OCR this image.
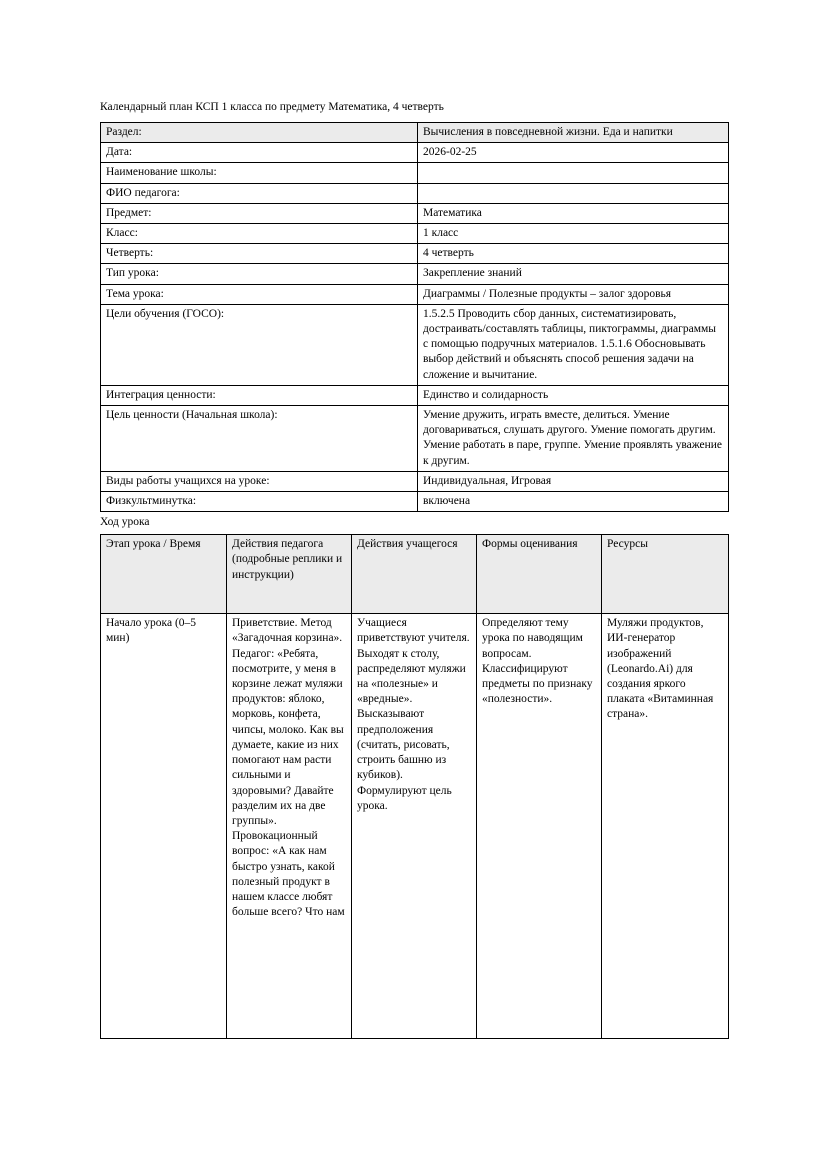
Календарный план КСП 1 класса по предмету Математика, 4 четверть
Раздел:	Вычисления в повседневной жизни. Еда и напитки
Дата:	2026-02-25
Наименование школы:	
ФИО педагога:	
Предмет:	Математика
Класс:	1 класс
Четверть:	4 четверть
Тип урока:	Закрепление знаний
Тема урока:	Диаграммы / Полезные продукты – залог здоровья
Цели обучения (ГОСО):	1.5.2.5 Проводить сбор данных, систематизировать, достраивать/составлять таблицы, пиктограммы, диаграммы с помощью подручных материалов. 1.5.1.6 Обосновывать выбор действий и объяснять способ решения задачи на сложение и вычитание.
Интеграция ценности:	Единство и солидарность
Цель ценности (Начальная школа):	Умение дружить, играть вместе, делиться. Умение договариваться, слушать другого. Умение помогать другим. Умение работать в паре, группе. Умение проявлять уважение к другим.
Виды работы учащихся на уроке:	Индивидуальная, Игровая
Физкультминутка:	включена
Ход урока
Этап урока / Время	Действия педагога (подробные реплики и инструкции)	Действия учащегося	Формы оценивания	Ресурсы
Начало урока (0–5 мин)	Приветствие. Метод «Загадочная корзина». Педагог: «Ребята, посмотрите, у меня в корзине лежат муляжи продуктов: яблоко, морковь, конфета, чипсы, молоко. Как вы думаете, какие из них помогают нам расти сильными и здоровыми? Давайте разделим их на две группы». Провокационный вопрос: «А как нам быстро узнать, какой полезный продукт в нашем классе любят больше всего? Что нам	Учащиеся приветствуют учителя. Выходят к столу, распределяют муляжи на «полезные» и «вредные». Высказывают предположения (считать, рисовать, строить башню из кубиков). Формулируют цель урока.	Определяют тему урока по наводящим вопросам. Классифицируют предметы по признаку «полезности».	Муляжи продуктов, ИИ-генератор изображений (Leonardo.Ai) для создания яркого плаката «Витаминная страна».
